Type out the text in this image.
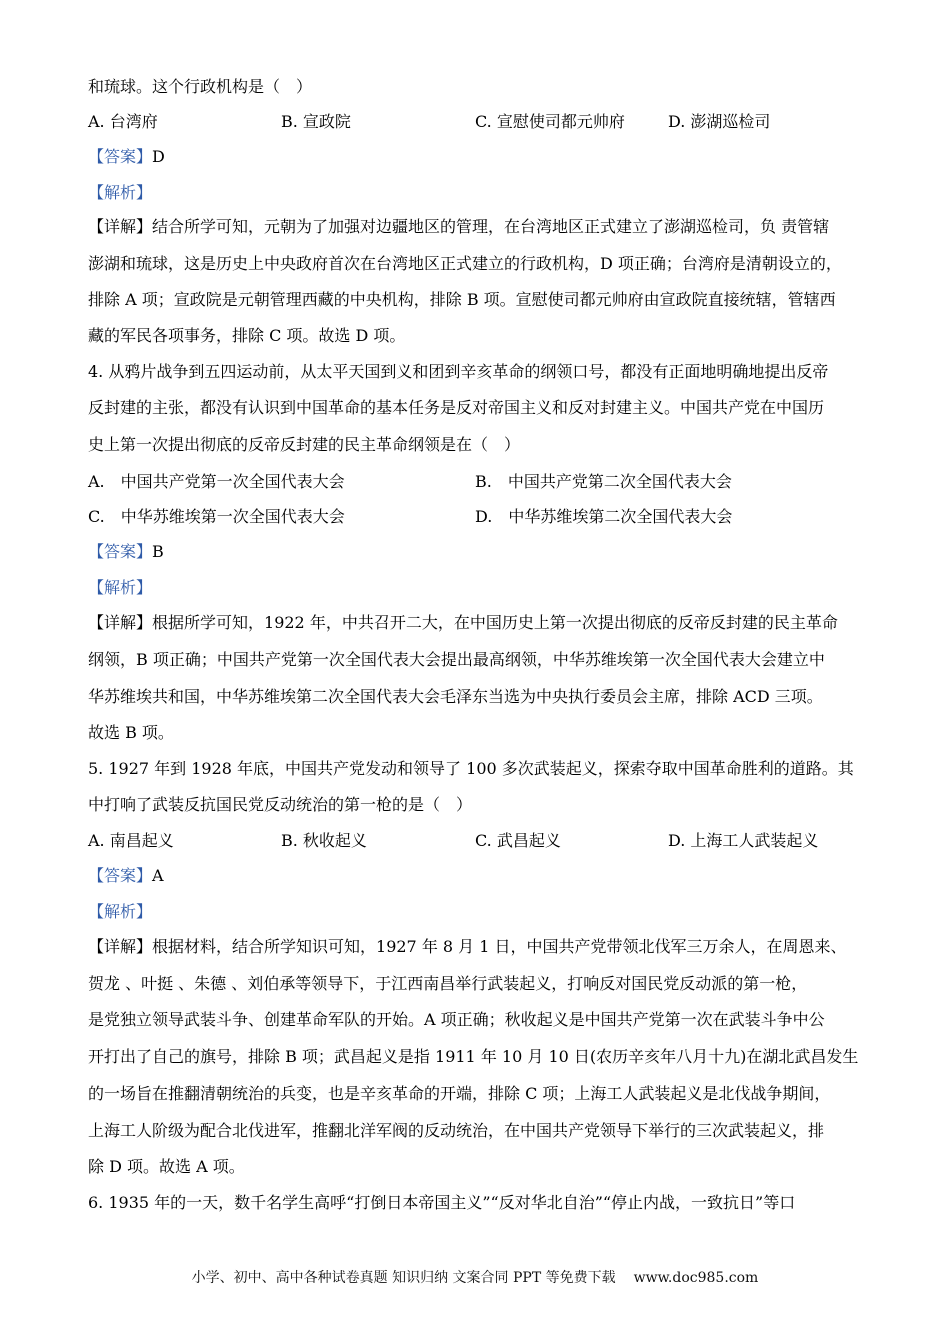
和琉球。这个行政机构是（　）
A. 台湾府	B. 宣政院	C. 宣慰使司都元帅府	D. 澎湖巡检司
【答案】D
【解析】
【详解】结合所学可知，元朝为了加强对边疆地区的管理，在台湾地区正式建立了澎湖巡检司，负 责管辖
澎湖和琉球，这是历史上中央政府首次在台湾地区正式建立的行政机构，D 项正确；台湾府是清朝设立的，
排除 A 项；宣政院是元朝管理西藏的中央机构，排除 B 项。宣慰使司都元帅府由宣政院直接统辖，管辖西
藏的军民各项事务，排除 C 项。故选 D 项。
4. 从鸦片战争到五四运动前，从太平天国到义和团到辛亥革命的纲领口号，都没有正面地明确地提出反帝
反封建的主张，都没有认识到中国革命的基本任务是反对帝国主义和反对封建主义。中国共产党在中国历
史上第一次提出彻底的反帝反封建的民主革命纲领是在（　）
A.　中国共产党第一次全国代表大会	B.　中国共产党第二次全国代表大会
C.　中华苏维埃第一次全国代表大会	D.　中华苏维埃第二次全国代表大会
【答案】B
【解析】
【详解】根据所学可知，1922 年，中共召开二大，在中国历史上第一次提出彻底的反帝反封建的民主革命
纲领，B 项正确；中国共产党第一次全国代表大会提出最高纲领，中华苏维埃第一次全国代表大会建立中
华苏维埃共和国，中华苏维埃第二次全国代表大会毛泽东当选为中央执行委员会主席，排除 ACD 三项。
故选 B 项。
5. 1927 年到 1928 年底，中国共产党发动和领导了 100 多次武装起义，探索夺取中国革命胜利的道路。其
中打响了武装反抗国民党反动统治的第一枪的是（　）
A. 南昌起义	B. 秋收起义	C. 武昌起义	D. 上海工人武装起义
【答案】A
【解析】
【详解】根据材料，结合所学知识可知，1927 年 8 月 1 日，中国共产党带领北伐军三万余人，在周恩来、
贺龙 、叶挺 、朱德 、刘伯承等领导下，于江西南昌举行武装起义，打响反对国民党反动派的第一枪，
是党独立领导武装斗争、创建革命军队的开始。A 项正确；秋收起义是中国共产党第一次在武装斗争中公
开打出了自己的旗号，排除 B 项；武昌起义是指 1911 年 10 月 10 日(农历辛亥年八月十九)在湖北武昌发生
的一场旨在推翻清朝统治的兵变，也是辛亥革命的开端，排除 C 项；上海工人武装起义是北伐战争期间，
上海工人阶级为配合北伐进军，推翻北洋军阀的反动统治，在中国共产党领导下举行的三次武装起义，排
除 D 项。故选 A 项。
6. 1935 年的一天，数千名学生高呼“打倒日本帝国主义”“反对华北自治”“停止内战，一致抗日”等口
小学、初中、高中各种试卷真题 知识归纳 文案合同 PPT 等免费下载 www.doc985.com
